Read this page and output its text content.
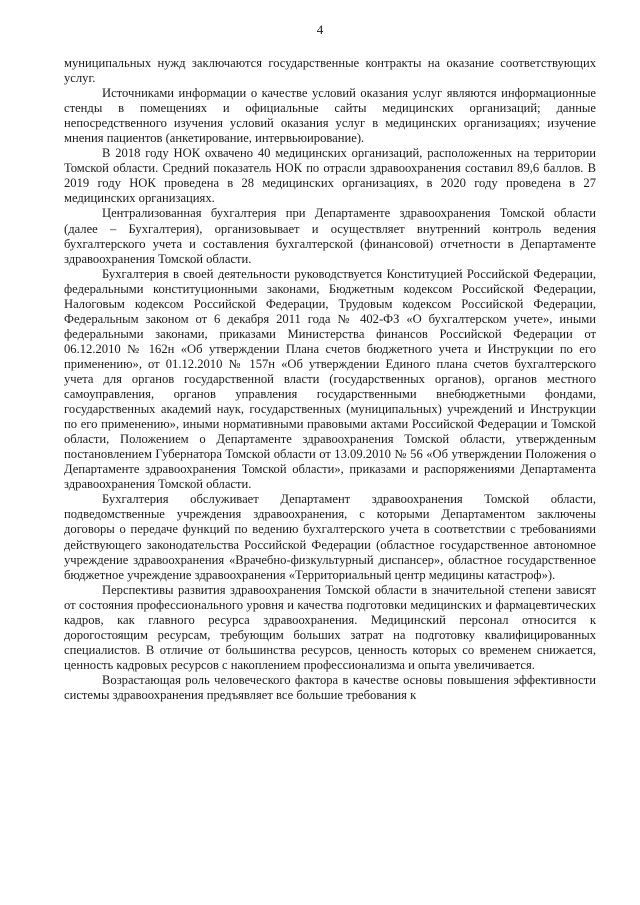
4

муниципальных нужд заключаются государственные контракты на оказание соответствующих услуг.

Источниками информации о качестве условий оказания услуг являются информационные стенды в помещениях и официальные сайты медицинских организаций; данные непосредственного изучения условий оказания услуг в медицинских организациях; изучение мнения пациентов (анкетирование, интервьюирование).

В 2018 году НОК охвачено 40 медицинских организаций, расположенных на территории Томской области. Средний показатель НОК по отрасли здравоохранения составил 89,6 баллов. В 2019 году НОК проведена в 28 медицинских организациях, в 2020 году проведена в 27 медицинских организациях.

Централизованная бухгалтерия при Департаменте здравоохранения Томской области (далее – Бухгалтерия), организовывает и осуществляет внутренний контроль ведения бухгалтерского учета и составления бухгалтерской (финансовой) отчетности в Департаменте здравоохранения Томской области.

Бухгалтерия в своей деятельности руководствуется Конституцией Российской Федерации, федеральными конституционными законами, Бюджетным кодексом Российской Федерации, Налоговым кодексом Российской Федерации, Трудовым кодексом Российской Федерации, Федеральным законом от 6 декабря 2011 года № 402-ФЗ «О бухгалтерском учете», иными федеральными законами, приказами Министерства финансов Российской Федерации от 06.12.2010 № 162н «Об утверждении Плана счетов бюджетного учета и Инструкции по его применению», от 01.12.2010 № 157н «Об утверждении Единого плана счетов бухгалтерского учета для органов государственной власти (государственных органов), органов местного самоуправления, органов управления государственными внебюджетными фондами, государственных академий наук, государственных (муниципальных) учреждений и Инструкции по его применению», иными нормативными правовыми актами Российской Федерации и Томской области, Положением о Департаменте здравоохранения Томской области, утвержденным постановлением Губернатора Томской области от 13.09.2010 № 56 «Об утверждении Положения о Департаменте здравоохранения Томской области», приказами и распоряжениями Департамента здравоохранения Томской области.

Бухгалтерия обслуживает Департамент здравоохранения Томской области, подведомственные учреждения здравоохранения, с которыми Департаментом заключены договоры о передаче функций по ведению бухгалтерского учета в соответствии с требованиями действующего законодательства Российской Федерации (областное государственное автономное учреждение здравоохранения «Врачебно-физкультурный диспансер», областное государственное бюджетное учреждение здравоохранения «Территориальный центр медицины катастроф»).

Перспективы развития здравоохранения Томской области в значительной степени зависят от состояния профессионального уровня и качества подготовки медицинских и фармацевтических кадров, как главного ресурса здравоохранения. Медицинский персонал относится к дорогостоящим ресурсам, требующим больших затрат на подготовку квалифицированных специалистов. В отличие от большинства ресурсов, ценность которых со временем снижается, ценность кадровых ресурсов с накоплением профессионализма и опыта увеличивается.

Возрастающая роль человеческого фактора в качестве основы повышения эффективности системы здравоохранения предъявляет все большие требования к
